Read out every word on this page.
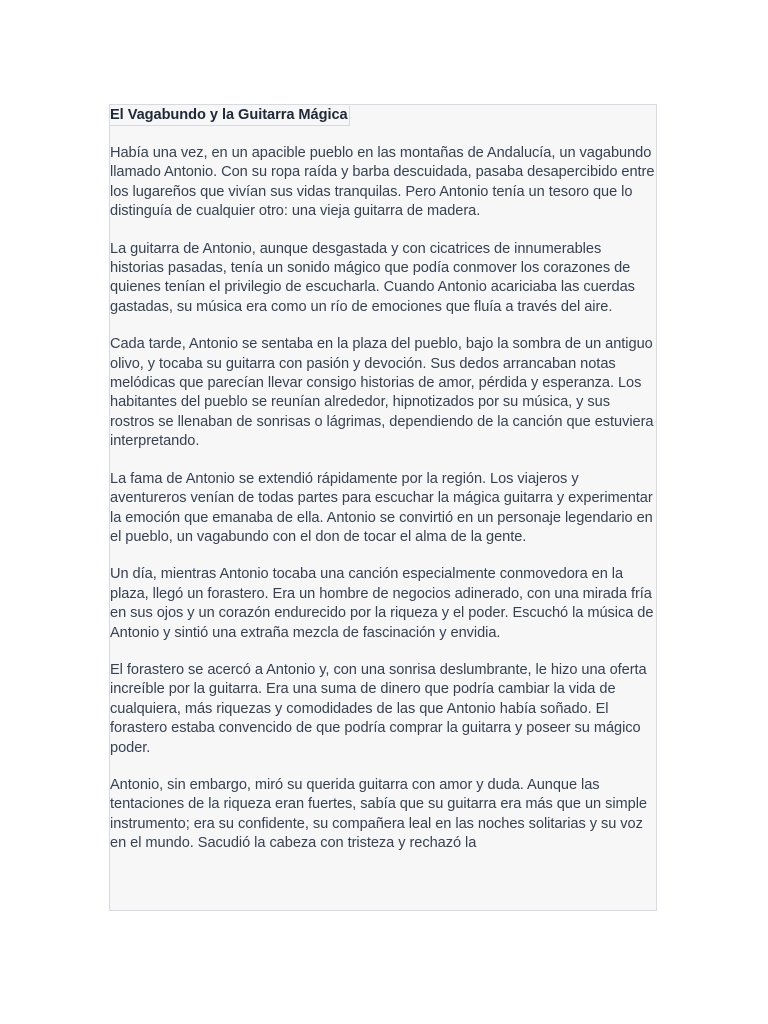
El Vagabundo y la Guitarra Mágica

Había una vez, en un apacible pueblo en las montañas de Andalucía, un vagabundo llamado Antonio. Con su ropa raída y barba descuidada, pasaba desapercibido entre los lugareños que vivían sus vidas tranquilas. Pero Antonio tenía un tesoro que lo distinguía de cualquier otro: una vieja guitarra de madera.

La guitarra de Antonio, aunque desgastada y con cicatrices de innumerables historias pasadas, tenía un sonido mágico que podía conmover los corazones de quienes tenían el privilegio de escucharla. Cuando Antonio acariciaba las cuerdas gastadas, su música era como un río de emociones que fluía a través del aire.

Cada tarde, Antonio se sentaba en la plaza del pueblo, bajo la sombra de un antiguo olivo, y tocaba su guitarra con pasión y devoción. Sus dedos arrancaban notas melódicas que parecían llevar consigo historias de amor, pérdida y esperanza. Los habitantes del pueblo se reunían alrededor, hipnotizados por su música, y sus rostros se llenaban de sonrisas o lágrimas, dependiendo de la canción que estuviera interpretando.

La fama de Antonio se extendió rápidamente por la región. Los viajeros y aventureros venían de todas partes para escuchar la mágica guitarra y experimentar la emoción que emanaba de ella. Antonio se convirtió en un personaje legendario en el pueblo, un vagabundo con el don de tocar el alma de la gente.

Un día, mientras Antonio tocaba una canción especialmente conmovedora en la plaza, llegó un forastero. Era un hombre de negocios adinerado, con una mirada fría en sus ojos y un corazón endurecido por la riqueza y el poder. Escuchó la música de Antonio y sintió una extraña mezcla de fascinación y envidia.

El forastero se acercó a Antonio y, con una sonrisa deslumbrante, le hizo una oferta increíble por la guitarra. Era una suma de dinero que podría cambiar la vida de cualquiera, más riquezas y comodidades de las que Antonio había soñado. El forastero estaba convencido de que podría comprar la guitarra y poseer su mágico poder.

Antonio, sin embargo, miró su querida guitarra con amor y duda. Aunque las tentaciones de la riqueza eran fuertes, sabía que su guitarra era más que un simple instrumento; era su confidente, su compañera leal en las noches solitarias y su voz en el mundo. Sacudió la cabeza con tristeza y rechazó la
